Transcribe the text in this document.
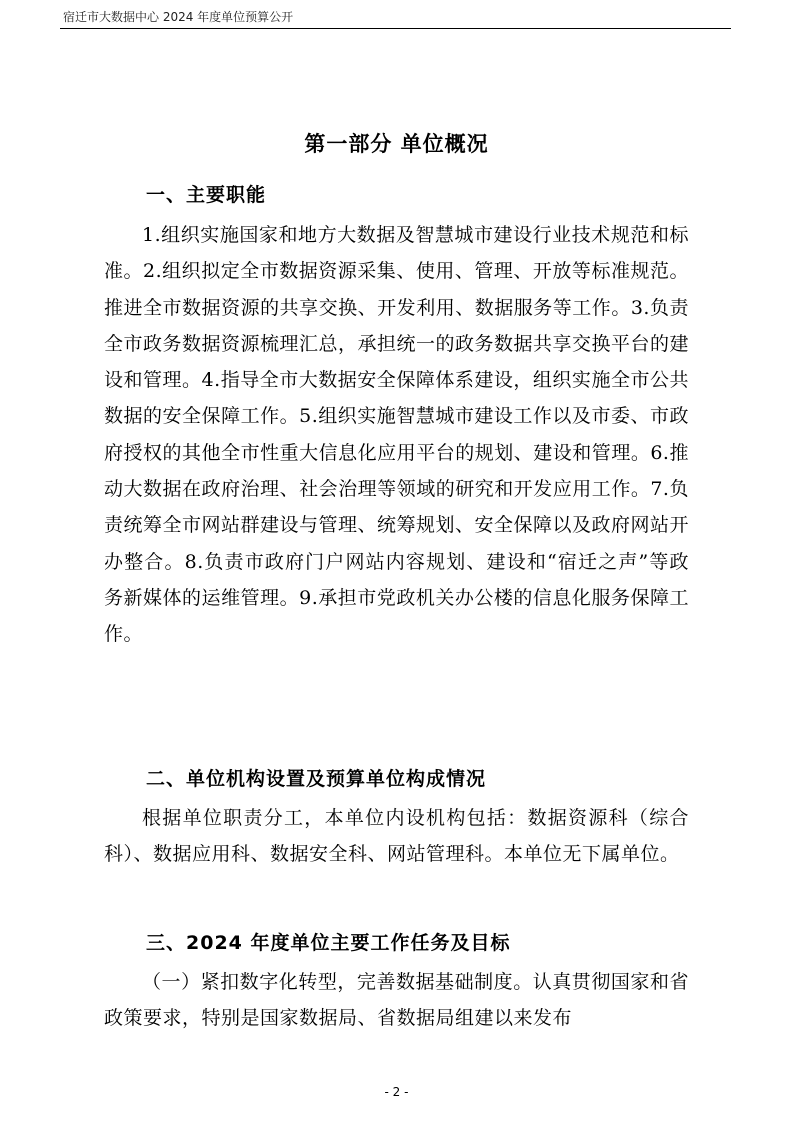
宿迁市大数据中心 2024 年度单位预算公开
第一部分 单位概况
一、主要职能

1.组织实施国家和地方大数据及智慧城市建设行业技术规范和标准。2.组织拟定全市数据资源采集、使用、管理、开放等标准规范。推进全市数据资源的共享交换、开发利用、数据服务等工作。3.负责全市政务数据资源梳理汇总，承担统一的政务数据共享交换平台的建设和管理。4.指导全市大数据安全保障体系建设，组织实施全市公共数据的安全保障工作。5.组织实施智慧城市建设工作以及市委、市政府授权的其他全市性重大信息化应用平台的规划、建设和管理。6.推动大数据在政府治理、社会治理等领域的研究和开发应用工作。7.负责统筹全市网站群建设与管理、统筹规划、安全保障以及政府网站开办整合。8.负责市政府门户网站内容规划、建设和“宿迁之声”等政务新媒体的运维管理。9.承担市党政机关办公楼的信息化服务保障工作。

二、单位机构设置及预算单位构成情况

根据单位职责分工，本单位内设机构包括：数据资源科（综合科）、数据应用科、数据安全科、网站管理科。本单位无下属单位。

三、2024 年度单位主要工作任务及目标

（一）紧扣数字化转型，完善数据基础制度。认真贯彻国家和省政策要求，特别是国家数据局、省数据局组建以来发布

- 2 -
